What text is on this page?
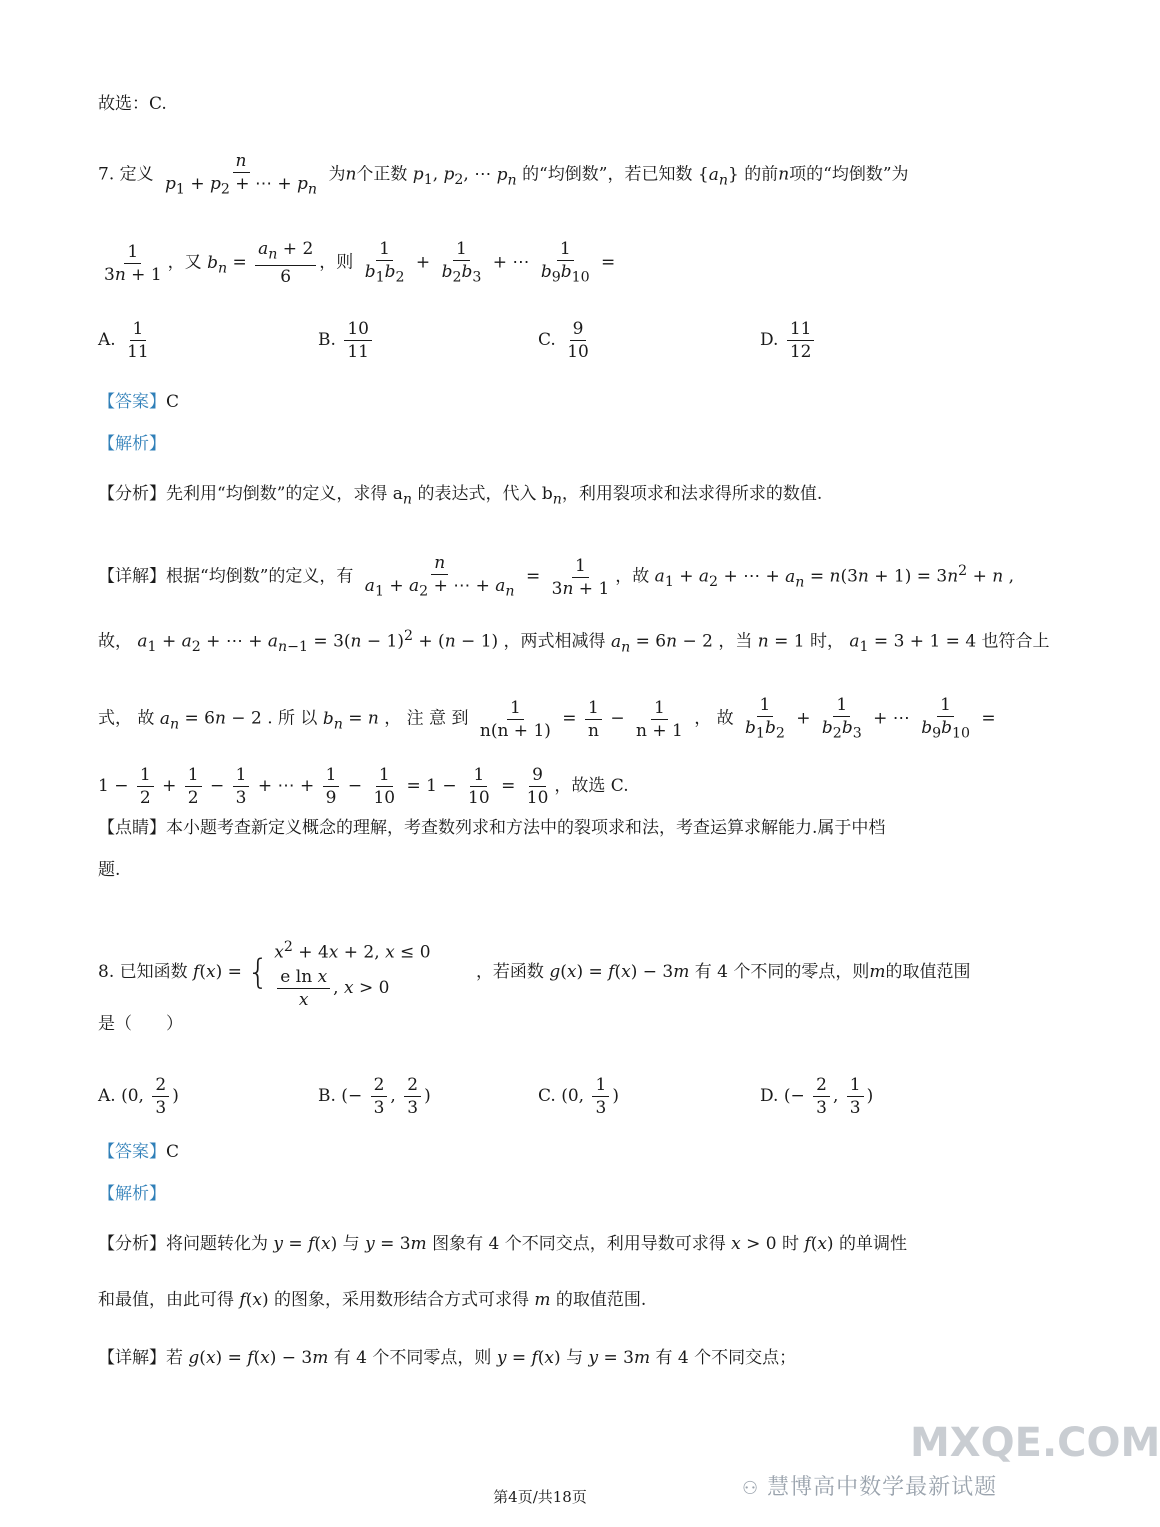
故选：C.
7. 定义 $\frac{n}{p_1 + p_2 + \cdots + p_n}$ 为n个正数 $p_1$, $p_2$, ⋯ $p_n$ 的“均倒数”，若已知数 $\{a_n\}$ 的前n项的“均倒数”为
$\frac{1}{3n + 1}$ ，又 $b_n = \frac{a_n + 2}{6}$ ，则 $\frac{1}{b_1b_2} + \frac{1}{b_2b_3}$ + ⋯ $\frac{1}{b_9b_{10}}$ =
A. $\frac{1}{11}$	B. $\frac{10}{11}$	C. $\frac{9}{10}$	D. $\frac{11}{12}$
【答案】C
【解析】
【分析】先利用“均倒数”的定义，求得 $a_n$ 的表达式，代入 $b_n$，利用裂项求和法求得所求的数值.
【详解】根据“均倒数”的定义，有 $\frac{n}{a_1 + a_2 + \cdots + a_n} = \frac{1}{3n + 1}$ ，故 $a_1 + a_2$ + ⋯ + $a_n = n(3n + 1) = 3n^2 + n$ ,
故， $a_1 + a_2$ + ⋯ + $a_{n-1} = 3(n - 1)^2 + (n - 1)$ ，两式相减得 $a_n = 6n - 2$ ，当 n = 1 时， $a_1 = 3 + 1 = 4$ 也符合上
式， 故 $a_n = 6n - 2$ . 所 以 $b_n = n$ ， 注 意 到 $\frac{1}{n(n + 1)} = \frac{1}{n} - \frac{1}{n + 1}$ ， 故 $\frac{1}{b_1b_2} + \frac{1}{b_2b_3}$ + ⋯ $\frac{1}{b_9b_{10}}$ =
$1 - \frac{1}{2} + \frac{1}{2} - \frac{1}{3}$ + ⋯ + $\frac{1}{9} - \frac{1}{10} = 1 - \frac{1}{10} = \frac{9}{10}$ ，故选 C.
【点睛】本小题考查新定义概念的理解，考查数列求和方法中的裂项求和法，考查运算求解能力.属于中档
题.
8. 已知函数 f(x) = { $x^2 + 4x + 2$, x ≤ 0
$\frac{\text{e ln x}}{x}$ , x > 0
，若函数 g(x) = f(x) − 3m 有 4 个不同的零点，则m的取值范围
是（　　）
A. (0, $\frac{2}{3}$ )	B. (− $\frac{2}{3}$ , $\frac{2}{3}$ )	C. (0, $\frac{1}{3}$ )	D. (− $\frac{2}{3}$ , $\frac{1}{3}$ )
【答案】C
【解析】
【分析】将问题转化为 y = f(x) 与 y = 3m 图象有 4 个不同交点，利用导数可求得 x > 0 时 f(x) 的单调性
和最值，由此可得 f(x) 的图象，采用数形结合方式可求得 m 的取值范围.
【详解】若 g(x) = f(x) − 3m 有 4 个不同零点，则 y = f(x) 与 y = 3m 有 4 个不同交点；
MXQE.COM
⚇ 慧博高中数学最新试题
第4页/共18页
